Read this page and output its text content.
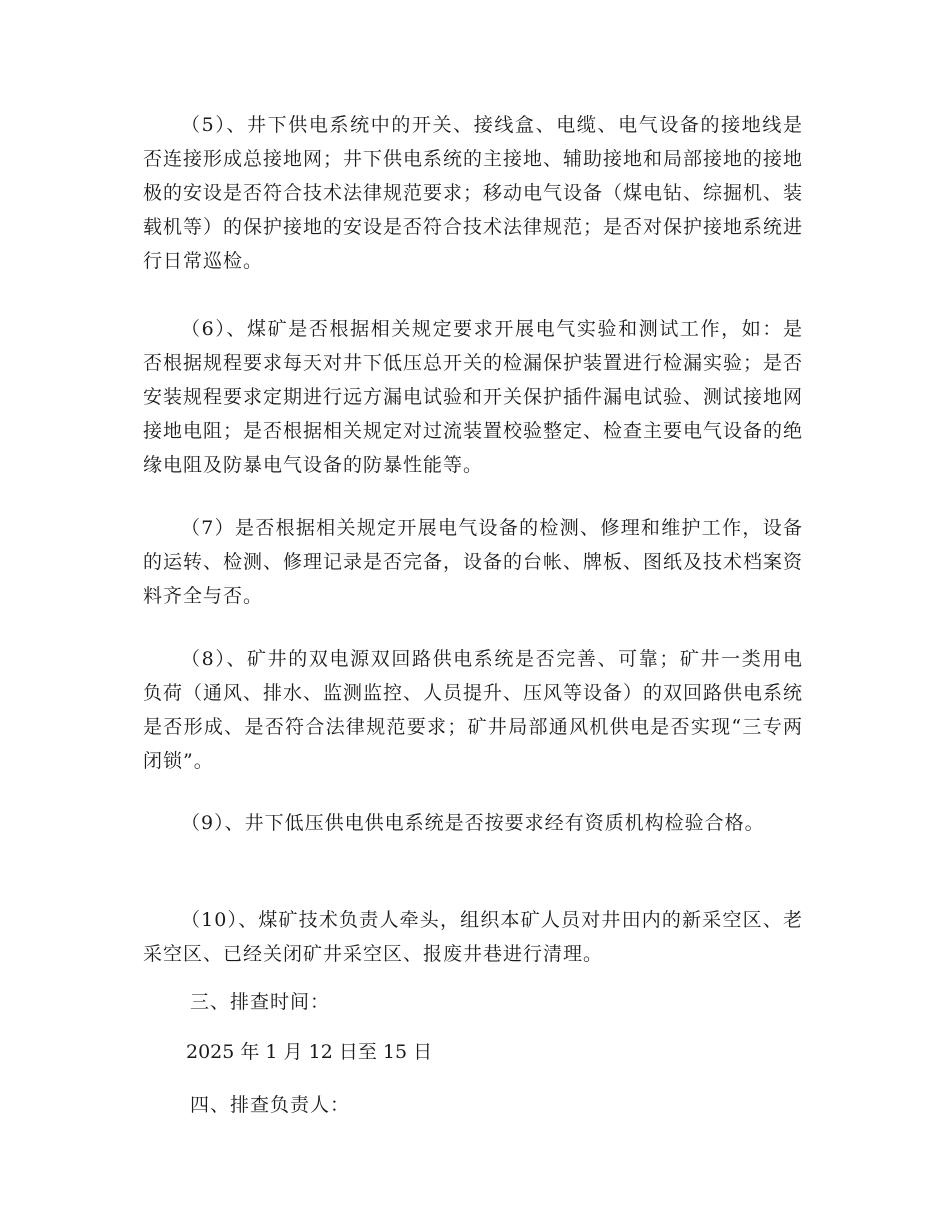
（5）、井下供电系统中的开关、接线盒、电缆、电气设备的接地线是否连接形成总接地网；井下供电系统的主接地、辅助接地和局部接地的接地极的安设是否符合技术法律规范要求；移动电气设备（煤电钻、综掘机、装载机等）的保护接地的安设是否符合技术法律规范；是否对保护接地系统进行日常巡检。

（6）、煤矿是否根据相关规定要求开展电气实验和测试工作，如：是否根据规程要求每天对井下低压总开关的检漏保护装置进行检漏实验；是否安装规程要求定期进行远方漏电试验和开关保护插件漏电试验、测试接地网接地电阻；是否根据相关规定对过流装置校验整定、检查主要电气设备的绝缘电阻及防暴电气设备的防暴性能等。

（7）是否根据相关规定开展电气设备的检测、修理和维护工作，设备的运转、检测、修理记录是否完备，设备的台帐、牌板、图纸及技术档案资料齐全与否。

（8）、矿井的双电源双回路供电系统是否完善、可靠；矿井一类用电负荷（通风、排水、监测监控、人员提升、压风等设备）的双回路供电系统是否形成、是否符合法律规范要求；矿井局部通风机供电是否实现“三专两闭锁”。

（9）、井下低压供电供电系统是否按要求经有资质机构检验合格。

（10）、煤矿技术负责人牵头，组织本矿人员对井田内的新采空区、老采空区、已经关闭矿井采空区、报废井巷进行清理。

三、排查时间：

2025 年 1 月 12 日至 15 日

四、排查负责人：
